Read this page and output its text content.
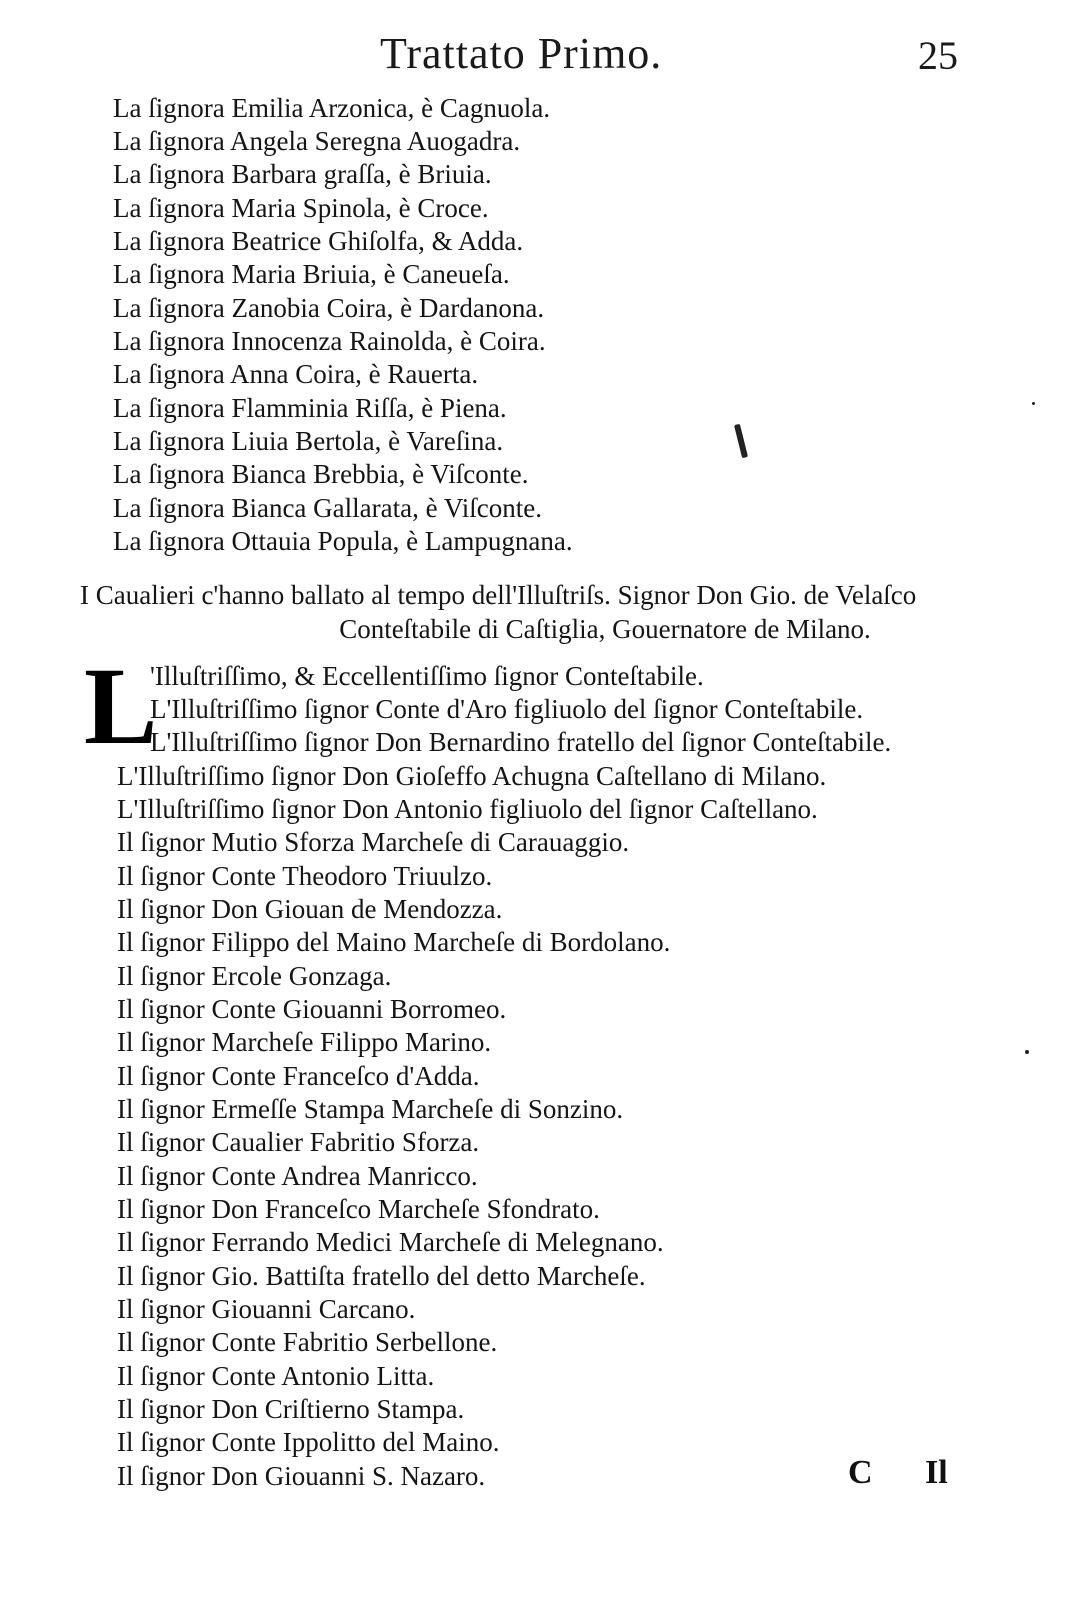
Trattato Primo.	25
La ſignora Emilia Arzonica, è Cagnuola.
La ſignora Angela Seregna Auogadra.
La ſignora Barbara graſſa, è Briuia.
La ſignora Maria Spinola, è Croce.
La ſignora Beatrice Ghiſolfa, & Adda.
La ſignora Maria Briuia, è Caneueſa.
La ſignora Zanobia Coira, è Dardanona.
La ſignora Innocenza Rainolda, è Coira.
La ſignora Anna Coira, è Rauerta.
La ſignora Flamminia Riſſa, è Piena.
La ſignora Liuia Bertola, è Vareſina.
La ſignora Bianca Brebbia, è Viſconte.
La ſignora Bianca Gallarata, è Viſconte.
La ſignora Ottauia Popula, è Lampugnana.
I Caualieri c'hanno ballato al tempo dell'Illuſtriſs. Signor Don Gio. de Velaſco
Conteſtabile di Caſtiglia, Gouernatore de Milano.
L
'Illuſtriſſimo, & Eccellentiſſimo ſignor Conteſtabile.
L'Illuſtriſſimo ſignor Conte d'Aro figliuolo del ſignor Conteſtabile.
L'Illuſtriſſimo ſignor Don Bernardino fratello del ſignor Conteſtabile.
L'Illuſtriſſimo ſignor Don Gioſeffo Achugna Caſtellano di Milano.
L'Illuſtriſſimo ſignor Don Antonio figliuolo del ſignor Caſtellano.
Il ſignor Mutio Sforza Marcheſe di Carauaggio.
Il ſignor Conte Theodoro Triuulzo.
Il ſignor Don Giouan de Mendozza.
Il ſignor Filippo del Maino Marcheſe di Bordolano.
Il ſignor Ercole Gonzaga.
Il ſignor Conte Giouanni Borromeo.
Il ſignor Marcheſe Filippo Marino.
Il ſignor Conte Franceſco d'Adda.
Il ſignor Ermeſſe Stampa Marcheſe di Sonzino.
Il ſignor Caualier Fabritio Sforza.
Il ſignor Conte Andrea Manricco.
Il ſignor Don Franceſco Marcheſe Sfondrato.
Il ſignor Ferrando Medici Marcheſe di Melegnano.
Il ſignor Gio. Battiſta fratello del detto Marcheſe.
Il ſignor Giouanni Carcano.
Il ſignor Conte Fabritio Serbellone.
Il ſignor Conte Antonio Litta.
Il ſignor Don Criſtierno Stampa.
Il ſignor Conte Ippolitto del Maino.
Il ſignor Don Giouanni S. Nazaro.	C Il
